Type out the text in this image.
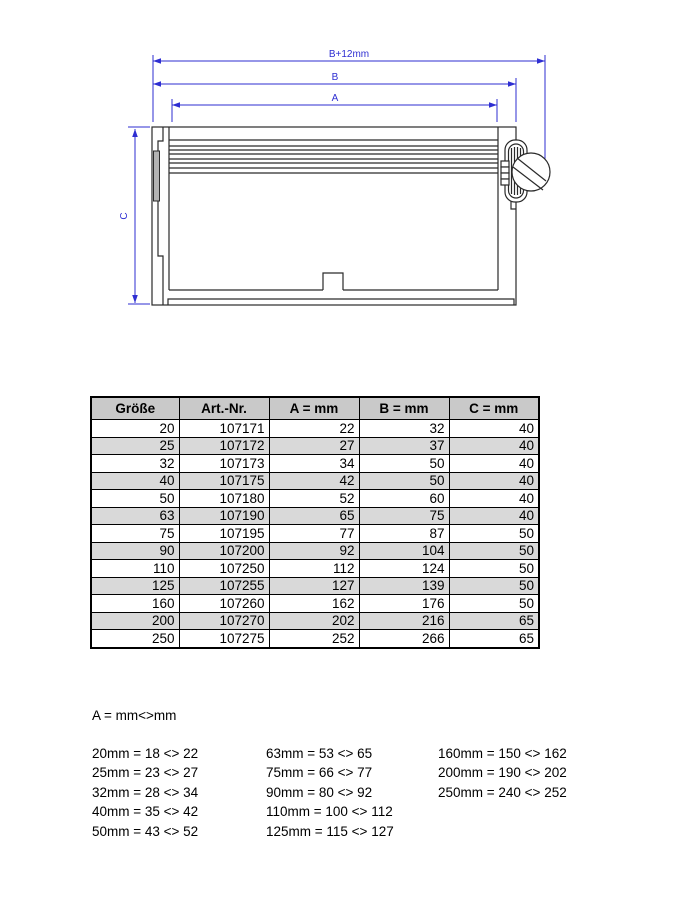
B+12mm
B
A
C
Größe	Art.-Nr.	A = mm	B = mm	C = mm
20	107171	22	32	40
25	107172	27	37	40
32	107173	34	50	40
40	107175	42	50	40
50	107180	52	60	40
63	107190	65	75	40
75	107195	77	87	50
90	107200	92	104	50
110	107250	112	124	50
125	107255	127	139	50
160	107260	162	176	50
200	107270	202	216	65
250	107275	252	266	65
A = mm<>mm
20mm = 18 <> 22
25mm = 23 <> 27
32mm = 28 <> 34
40mm = 35 <> 42
50mm = 43 <> 52
63mm = 53 <> 65
75mm = 66 <> 77
90mm = 80 <> 92
110mm = 100 <> 112
125mm = 115 <> 127
160mm = 150 <> 162
200mm = 190 <> 202
250mm = 240 <> 252
